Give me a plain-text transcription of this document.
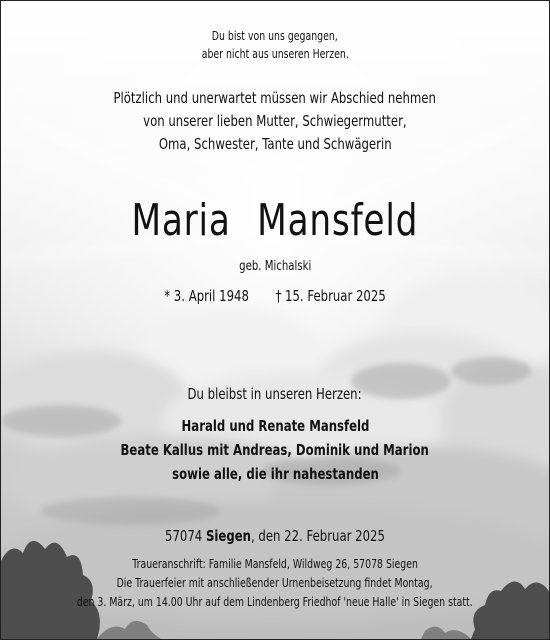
Du bist von uns gegangen,
aber nicht aus unseren Herzen.
Plötzlich und unerwartet müssen wir Abschied nehmen
von unserer lieben Mutter, Schwiegermutter,
Oma, Schwester, Tante und Schwägerin
Maria Mansfeld
geb. Michalski
* 3. April 1948 † 15. Februar 2025
Du bleibst in unseren Herzen:
Harald und Renate Mansfeld
Beate Kallus mit Andreas, Dominik und Marion
sowie alle, die ihr nahestanden
57074 Siegen, den 22. Februar 2025
Traueranschrift: Familie Mansfeld, Wildweg 26, 57078 Siegen
Die Trauerfeier mit anschließender Urnenbeisetzung findet Montag,
den 3. März, um 14.00 Uhr auf dem Lindenberg Friedhof 'neue Halle' in Siegen statt.
